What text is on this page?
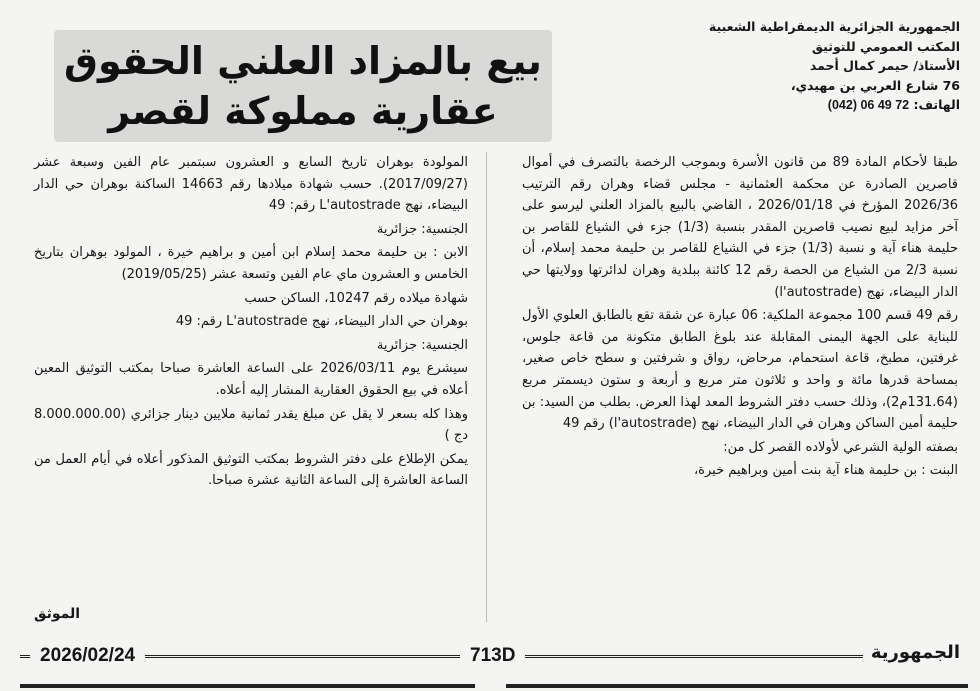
الجمهورية الجزائرية الديمقراطية الشعبية
المكتب العمومي للتوثيق
الأستاذ/ حيمر كمال أحمد
76 شارع العربي بن مهيدي،
الهاتف: 72 49 06 (042)
بيع بالمزاد العلني الحقوق
عقارية مملوكة لقصر

طبقا لأحكام المادة 89 من قانون الأسرة وبموجب الرخصة بالتصرف في أموال قاصرين الصادرة عن محكمة العثمانية - مجلس قضاء وهران رقم الترتيب 2026/36 المؤرخ في 2026/01/18 ، القاضي بالبيع بالمزاد العلني ليرسو على آخر مزايد لبيع نصيب قاصرين المقدر بنسبة (1/3) جزء في الشياع للقاصر بن حليمة هناء آية و نسبة (1/3) جزء في الشياع للقاصر بن حليمة محمد إسلام، أن نسبة 2/3 من الشياع من الحصة رقم 12 كائنة ببلدية وهران لدائرتها وولايتها حي الدار البيضاء، نهج (l'autostrade)

رقم 49 قسم 100 مجموعة الملكية: 06 عبارة عن شقة تقع بالطابق العلوي الأول للبناية على الجهة اليمنى المقابلة عند بلوغ الطابق متكونة من قاعة جلوس، غرفتين، مطبخ، قاعة استحمام، مرحاض، رواق و شرفتين و سطح خاص صغير، بمساحة قدرها مائة و واحد و ثلاثون متر مربع و أربعة و ستون ديسمتر مربع (131.64م2)، وذلك حسب دفتر الشروط المعد لهذا العرض. بطلب من السيد: بن حليمة أمين الساكن وهران في الدار البيضاء، نهج (l'autostrade) رقم 49

بصفته الولية الشرعي لأولاده القصر كل من:

البنت : بن حليمة هناء آية بنت أمين وبراهيم خيرة،

المولودة بوهران تاريخ السابع و العشرون سبتمبر عام الفين وسبعة عشر (2017/09/27). حسب شهادة ميلادها رقم 14663 الساكنة بوهران حي الدار البيضاء، نهج L'autostrade رقم: 49

الجنسية: جزائرية

الابن : بن حليمة محمد إسلام ابن أمين و براهيم خيرة ، المولود بوهران بتاريخ الخامس و العشرون ماي عام الفين وتسعة عشر (2019/05/25)

شهادة ميلاده رقم 10247، الساكن حسب

بوهران حي الدار البيضاء، نهج L'autostrade رقم: 49

الجنسية: جزائرية

سيشرع يوم 2026/03/11 على الساعة العاشرة صباحا بمكتب التوثيق المعين أعلاه في بيع الحقوق العقارية المشار إليه أعلاه.

وهذا كله بسعر لا يقل عن مبلغ يقدر ثمانية ملايين دينار جزائري (8.000.000.00 دج )

يمكن الإطلاع على دفتر الشروط بمكتب التوثيق المذكور أعلاه في أيام العمل من الساعة العاشرة إلى الساعة الثانية عشرة صباحا.

الموثق
2026/02/24	713D	الجمهورية
